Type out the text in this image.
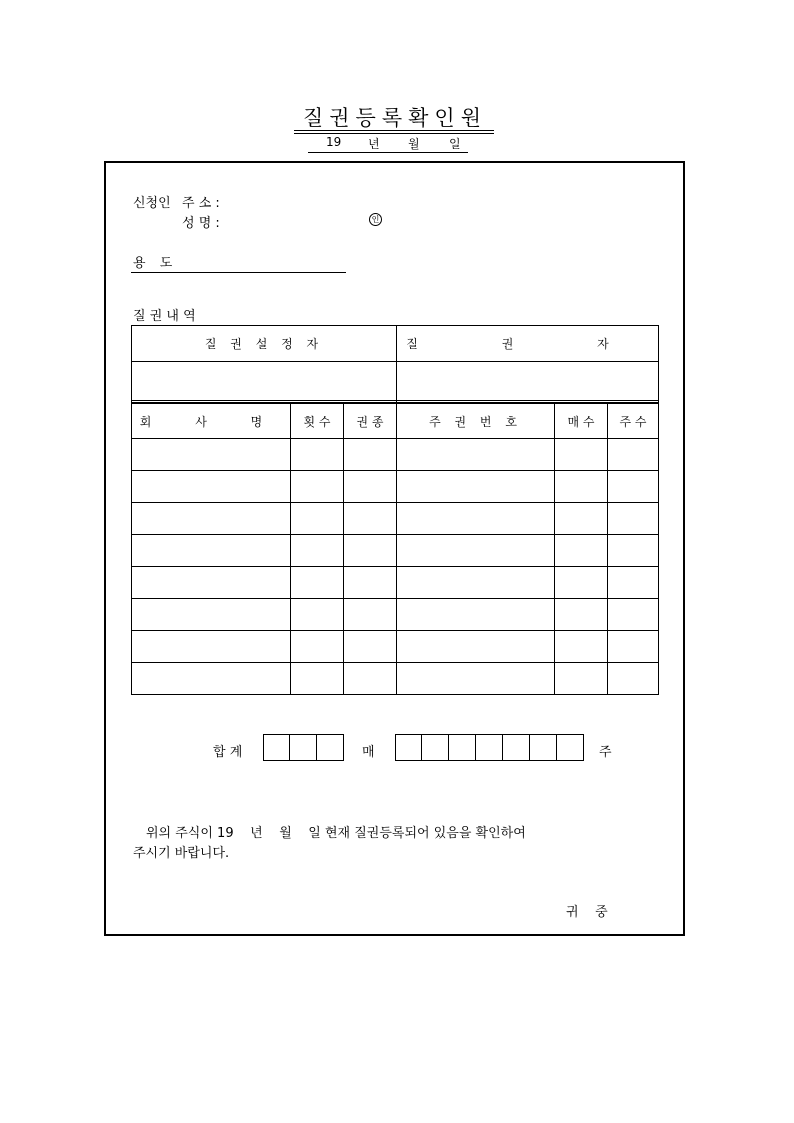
질권등록확인원
19 년 월 일
신청인 주 소 :
성 명 :	인
용 도
질 권 내 역
질 권 설 정 자	질 권 자

회 사 명	횟 수	권 종	주 권 번 호	매 수	주 수

합 계	매	주
위의 주식이 19    년    월    일 현재 질권등록되어 있음을 확인하여
주시기 바랍니다.
귀    중
